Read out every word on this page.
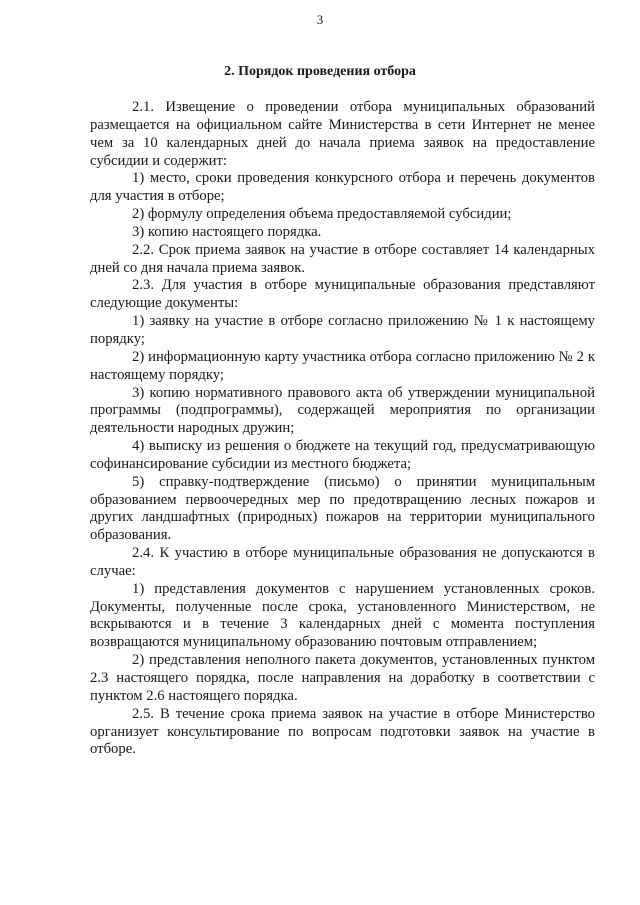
3
2. Порядок проведения отбора

2.1. Извещение о проведении отбора муниципальных образований размещается на официальном сайте Министерства в сети Интернет не менее чем за 10 календарных дней до начала приема заявок на предоставление субсидии и содержит:

1) место, сроки проведения конкурсного отбора и перечень документов для участия в отборе;

2) формулу определения объема предоставляемой субсидии;

3) копию настоящего порядка.

2.2. Срок приема заявок на участие в отборе составляет 14 календарных дней со дня начала приема заявок.

2.3. Для участия в отборе муниципальные образования представляют следующие документы:

1) заявку на участие в отборе согласно приложению № 1 к настоящему порядку;

2) информационную карту участника отбора согласно приложению № 2 к настоящему порядку;

3) копию нормативного правового акта об утверждении муниципальной программы (подпрограммы), содержащей мероприятия по организации деятельности народных дружин;

4) выписку из решения о бюджете на текущий год, предусматривающую софинансирование субсидии из местного бюджета;

5) справку-подтверждение (письмо) о принятии муниципальным образованием первоочередных мер по предотвращению лесных пожаров и других ландшафтных (природных) пожаров на территории муниципального образования.

2.4. К участию в отборе муниципальные образования не допускаются в случае:

1) представления документов с нарушением установленных сроков. Документы, полученные после срока, установленного Министерством, не вскрываются и в течение 3 календарных дней с момента поступления возвращаются муниципальному образованию почтовым отправлением;

2) представления неполного пакета документов, установленных пунктом 2.3 настоящего порядка, после направления на доработку в соответствии с пунктом 2.6 настоящего порядка.

2.5. В течение срока приема заявок на участие в отборе Министерство организует консультирование по вопросам подготовки заявок на участие в отборе.
